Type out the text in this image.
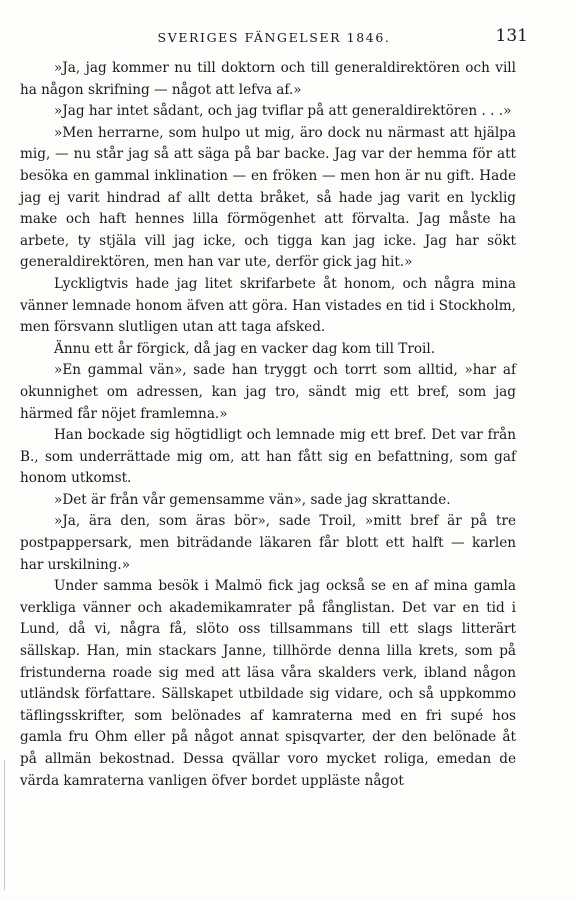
SVERIGES FÄNGELSER 1846.	131

»Ja, jag kommer nu till doktorn och till generaldirektören och vill ha någon skrifning — något att lefva af.»

»Jag har intet sådant, och jag tviflar på att generaldirektören . . .»

»Men herrarne, som hulpo ut mig, äro dock nu närmast att hjälpa mig, — nu står jag så att säga på bar backe. Jag var der hemma för att besöka en gammal inklination — en fröken — men hon är nu gift. Hade jag ej varit hindrad af allt detta bråket, så hade jag varit en lycklig make och haft hennes lilla förmögenhet att förvalta. Jag måste ha arbete, ty stjäla vill jag icke, och tigga kan jag icke. Jag har sökt generaldirektören, men han var ute, derför gick jag hit.»

Lyckligtvis hade jag litet skrifarbete åt honom, och några mina vänner lemnade honom äfven att göra. Han vistades en tid i Stockholm, men försvann slutligen utan att taga afsked.

Ännu ett år förgick, då jag en vacker dag kom till Troil.

»En gammal vän», sade han tryggt och torrt som alltid, »har af okunnighet om adressen, kan jag tro, sändt mig ett bref, som jag härmed får nöjet framlemna.»

Han bockade sig högtidligt och lemnade mig ett bref. Det var från B., som underrättade mig om, att han fått sig en befattning, som gaf honom utkomst.

»Det är från vår gemensamme vän», sade jag skrattande.

»Ja, ära den, som äras bör», sade Troil, »mitt bref är på tre postpappersark, men biträdande läkaren får blott ett halft — karlen har urskilning.»

Under samma besök i Malmö fick jag också se en af mina gamla verkliga vänner och akademikamrater på fånglistan. Det var en tid i Lund, då vi, några få, slöto oss tillsammans till ett slags litterärt sällskap. Han, min stackars Janne, tillhörde denna lilla krets, som på fristunderna roade sig med att läsa våra skalders verk, ibland någon utländsk författare. Sällskapet utbildade sig vidare, och så uppkommo täflingsskrifter, som belönades af kamraterna med en fri supé hos gamla fru Ohm eller på något annat spisqvarter, der den belönade åt på allmän bekostnad. Dessa qvällar voro mycket roliga, emedan de värda kamraterna vanligen öfver bordet uppläste något
